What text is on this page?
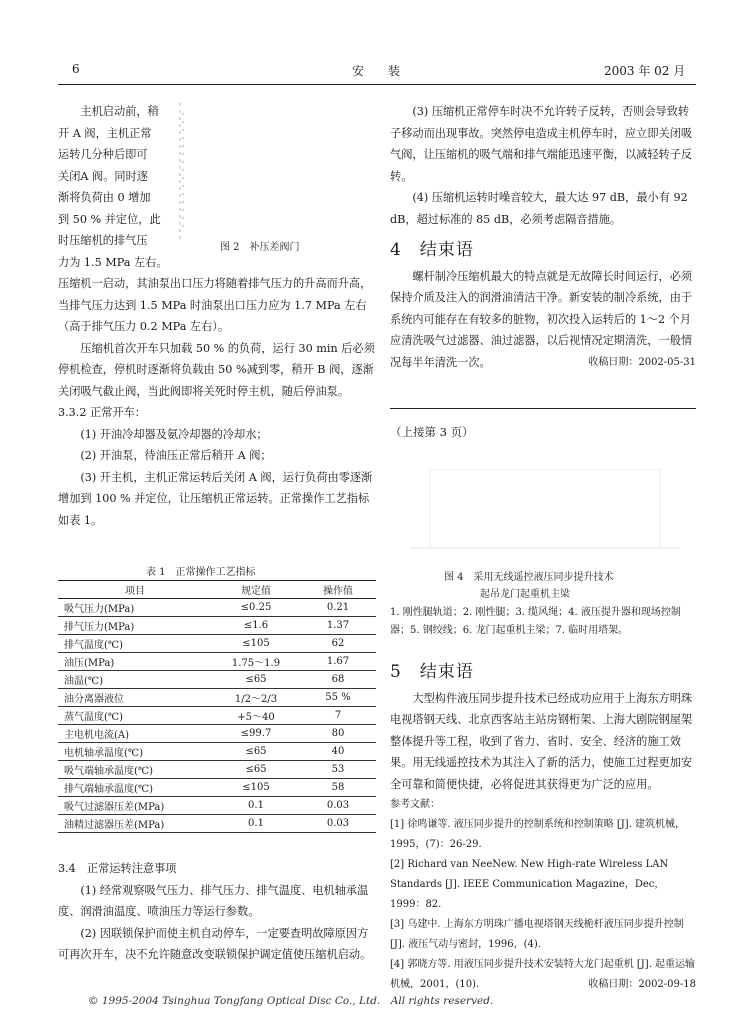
6	安　装	2003 年 02 月
主机启动前，稍
开 A 阀，主机正常
运转几分种后即可
关闭A 阀。同时逐
渐将负荷由 0 增加
到 50 % 并定位，此
时压缩机的排气压
力为 1.5 MPa 左右。
图 2　补压差阀门

压缩机一启动，其油泵出口压力将随着排气压力的升高而升高，当排气压力达到 1.5 MPa 时油泵出口压力应为 1.7 MPa 左右（高于排气压力 0.2 MPa 左右）。

压缩机首次开车只加载 50 % 的负荷，运行 30 min 后必须停机检查，停机时逐渐将负载由 50 %减到零，稍开 B 阀，逐渐关闭吸气截止阀，当此阀即将关死时停主机，随后停油泵。

3.3.2 正常开车：

(1) 开油冷却器及氨冷却器的冷却水；

(2) 开油泵，待油压正常后稍开 A 阀；

(3) 开主机，主机正常运转后关闭 A 阀，运行负荷由零逐渐增加到 100 % 并定位，让压缩机正常运转。正常操作工艺指标如表 1。

表 1　正常操作工艺指标
项目	规定值	操作值
吸气压力(MPa)	≤0.25	0.21
排气压力(MPa)	≤1.6	1.37
排气温度(℃)	≤105	62
油压(MPa)	1.75～1.9	1.67
油温(℃)	≤65	68
油分离器液位	1/2～2/3	55 %
蒸气温度(℃)	+5～40	7
主电机电流(A)	≤99.7	80
电机轴承温度(℃)	≤65	40
吸气端轴承温度(℃)	≤65	53
排气端轴承温度(℃)	≤105	58
吸气过滤器压差(MPa)	0.1	0.03
油精过滤器压差(MPa)	0.1	0.03

3.4　正常运转注意事项

(1) 经常观察吸气压力、排气压力、排气温度、电机轴承温度、润滑油温度、喷油压力等运行参数。

(2) 因联锁保护而使主机自动停车，一定要查明故障原因方可再次开车，决不允许随意改变联锁保护调定值使压缩机启动。

(3) 压缩机正常停车时决不允许转子反转，否则会导致转子移动而出现事故。突然停电造成主机停车时，应立即关闭吸气阀，让压缩机的吸气端和排气端能迅速平衡，以减轻转子反转。

(4) 压缩机运转时噪音较大，最大达 97 dB，最小有 92 dB，超过标准的 85 dB，必须考虑隔音措施。

4　结束语

螺杆制冷压缩机最大的特点就是无故障长时间运行，必须保持介质及注入的润滑油清洁干净。新安装的制冷系统，由于系统内可能存在有较多的脏物，初次投入运转后的 1～2 个月应清洗吸气过滤器、油过滤器，以后视情况定期清洗，一般情况每半年清洗一次。	收稿日期：2002-05-31
（上接第 3 页）
图 4　采用无线遥控液压同步提升技术
起吊龙门起重机主梁
1. 刚性腿轨道；2. 刚性腿；3. 缆风绳；4. 液压提升器和现场控制器；5. 钢绞线；6. 龙门起重机主梁；7. 临时用塔架。
5　结束语

大型构件液压同步提升技术已经成功应用于上海东方明珠电视塔钢天线、北京西客站主站房钢桁架、上海大剧院钢屋架整体提升等工程，收到了省力、省时、安全、经济的施工效果。用无线遥控技术为其注入了新的活力，使施工过程更加安全可靠和简便快捷，必将促进其获得更为广泛的应用。

参考文献：
[1] 徐鸣谦等. 液压同步提升的控制系统和控制策略 [J]. 建筑机械，1995，(7)：26-29.
[2] Richard van NeeNew. New High-rate Wireless LAN Standards [J]. IEEE Communication Magazine，Dec，1999：82.
[3] 乌建中. 上海东方明珠广播电视塔钢天线桅杆液压同步提升控制 [J]. 液压气动与密封，1996，(4).
[4] 郭晓方等. 用液压同步提升技术安装特大龙门起重机 [J]. 起重运输机械，2001，(10).	收稿日期：2002-09-18
© 1995-2004 Tsinghua Tongfang Optical Disc Co., Ltd.　All rights reserved.
